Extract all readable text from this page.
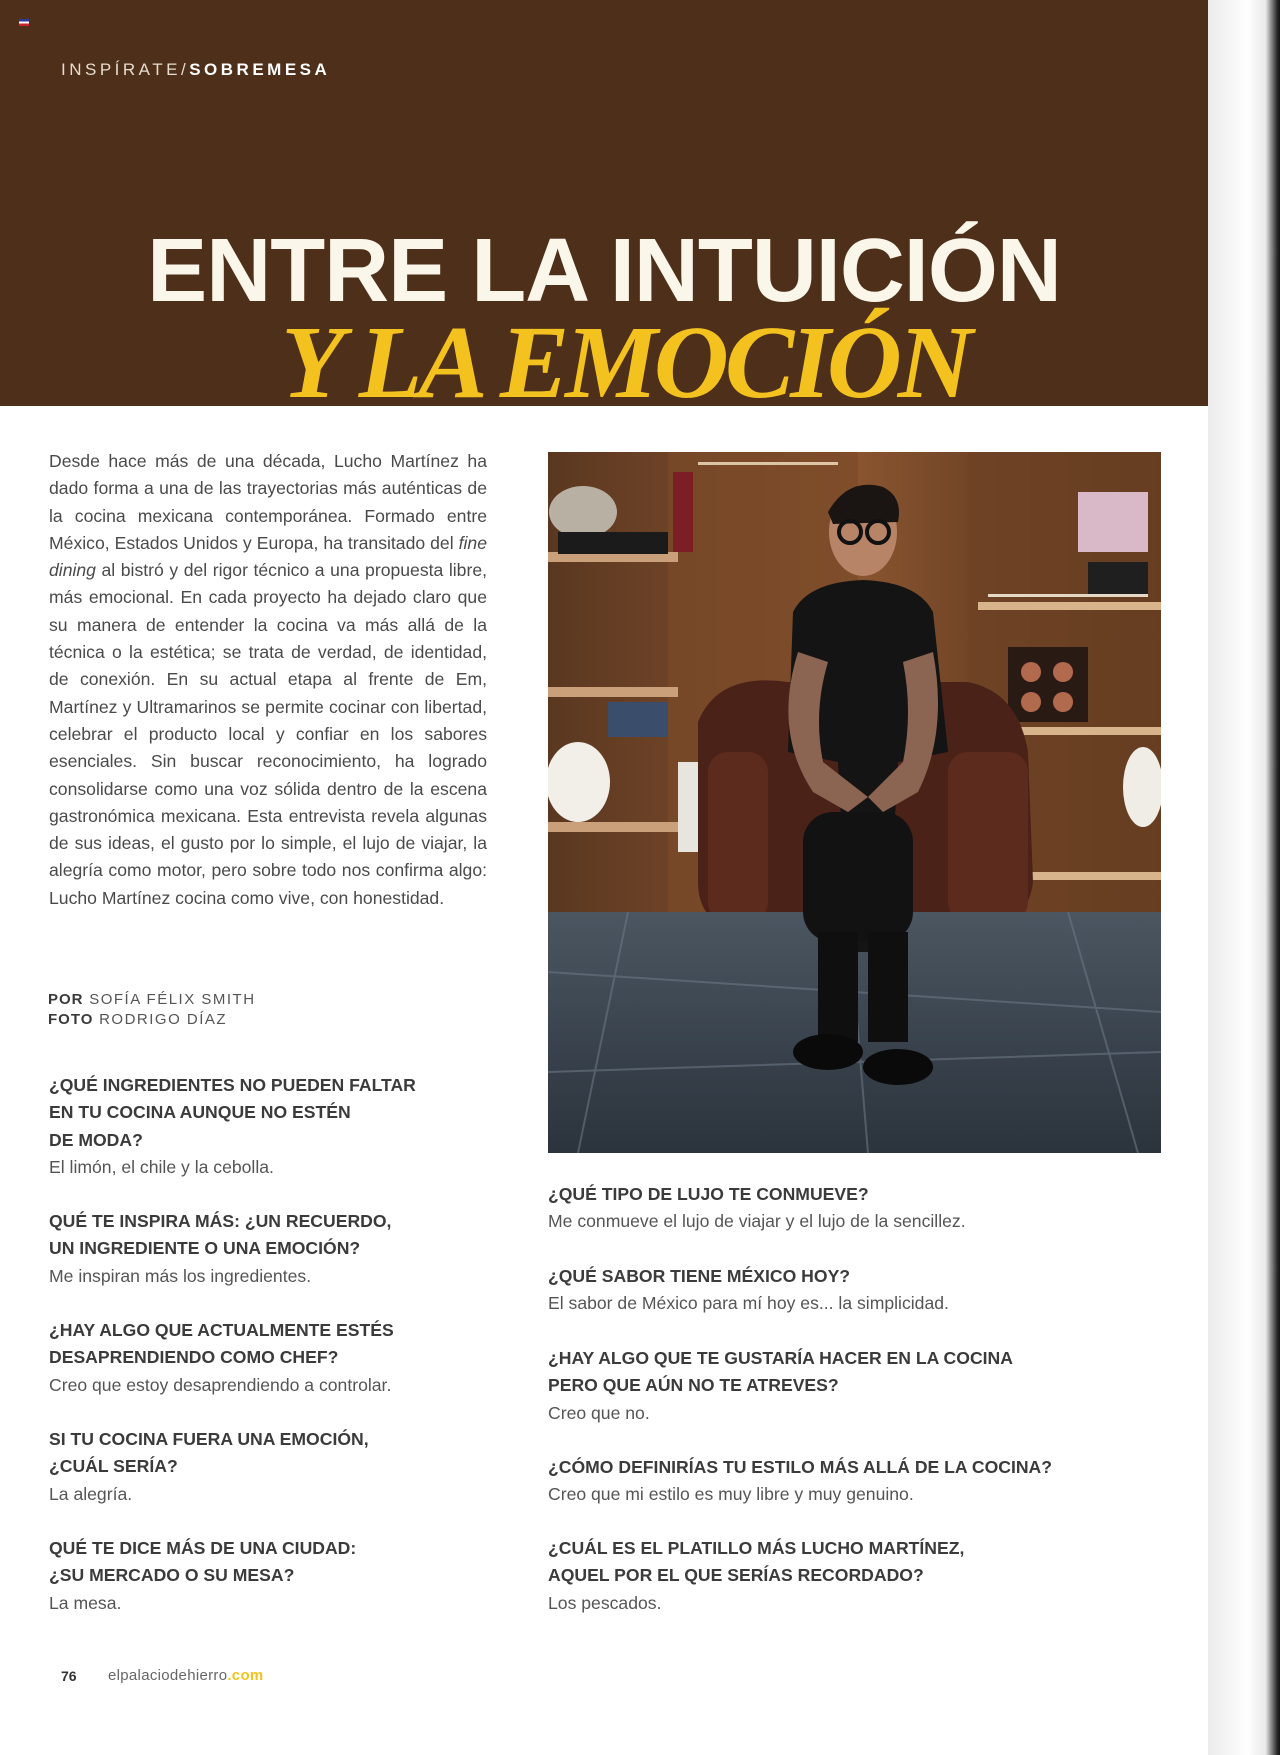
INSPÍRATE/SOBREMESA
ENTRE LA INTUICIÓN
Y LA EMOCIÓN

Desde hace más de una década, Lucho Martínez ha dado forma a una de las trayectorias más auténticas de la cocina mexicana contemporánea. Formado entre México, Estados Unidos y Europa, ha transitado del fine dining al bistró y del rigor técnico a una propuesta libre, más emocional. En cada proyecto ha dejado claro que su manera de entender la cocina va más allá de la técnica o la estética; se trata de verdad, de identidad, de conexión. En su actual etapa al frente de Em, Martínez y Ultramarinos se permite cocinar con libertad, celebrar el producto local y confiar en los sabores esenciales. Sin buscar reconocimiento, ha logrado consolidarse como una voz sólida dentro de la escena gastronómica mexicana. Esta entrevista revela algunas de sus ideas, el gusto por lo simple, el lujo de viajar, la alegría como motor, pero sobre todo nos confirma algo: Lucho Martínez cocina como vive, con honestidad.

POR SOFÍA FÉLIX SMITH
FOTO RODRIGO DÍAZ

¿QUÉ INGREDIENTES NO PUEDEN FALTAR
EN TU COCINA AUNQUE NO ESTÉN
DE MODA?

El limón, el chile y la cebolla.

QUÉ TE INSPIRA MÁS: ¿UN RECUERDO,
UN INGREDIENTE O UNA EMOCIÓN?

Me inspiran más los ingredientes.

¿HAY ALGO QUE ACTUALMENTE ESTÉS
DESAPRENDIENDO COMO CHEF?

Creo que estoy desaprendiendo a controlar.

SI TU COCINA FUERA UNA EMOCIÓN,
¿CUÁL SERÍA?

La alegría.

QUÉ TE DICE MÁS DE UNA CIUDAD:
¿SU MERCADO O SU MESA?

La mesa.

¿QUÉ TIPO DE LUJO TE CONMUEVE?

Me conmueve el lujo de viajar y el lujo de la sencillez.

¿QUÉ SABOR TIENE MÉXICO HOY?

El sabor de México para mí hoy es... la simplicidad.

¿HAY ALGO QUE TE GUSTARÍA HACER EN LA COCINA
PERO QUE AÚN NO TE ATREVES?

Creo que no.

¿CÓMO DEFINIRÍAS TU ESTILO MÁS ALLÁ DE LA COCINA?

Creo que mi estilo es muy libre y muy genuino.

¿CUÁL ES EL PLATILLO MÁS LUCHO MARTÍNEZ,
AQUEL POR EL QUE SERÍAS RECORDADO?

Los pescados.

76 elpalaciodehierro.com
